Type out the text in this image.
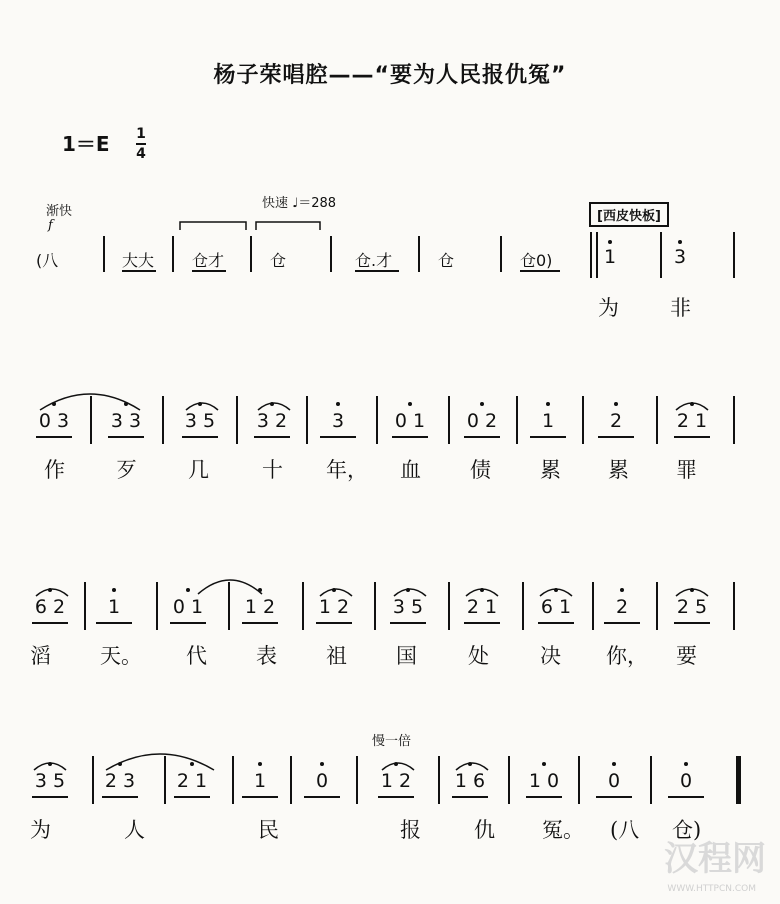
杨子荣唱腔——“要为人民报仇冤”
1＝E 1
4
渐快
f
快速 ♩＝288
[西皮快板]
慢一倍
(八	大大 仓才	仓	仓.才	仓	仓0)	1	3
为 非
0 3	3 3	3 5	3 2	3	0 1	0 2	1	2	2 1
作 歹 几	十 年， 血 债 累 累 罪
6 2	1	0 1	1 2	1 2	3 5	2 1	6 1	2	2 5
滔 天。 代 表 祖 国 处 决 你， 要
3 5	2 3	2 1	1	0	1 2	1 6	1 0	0	0
为	人	民	报	仇 冤。 (八 仓)
汉程网
WWW.HTTPCN.COM
